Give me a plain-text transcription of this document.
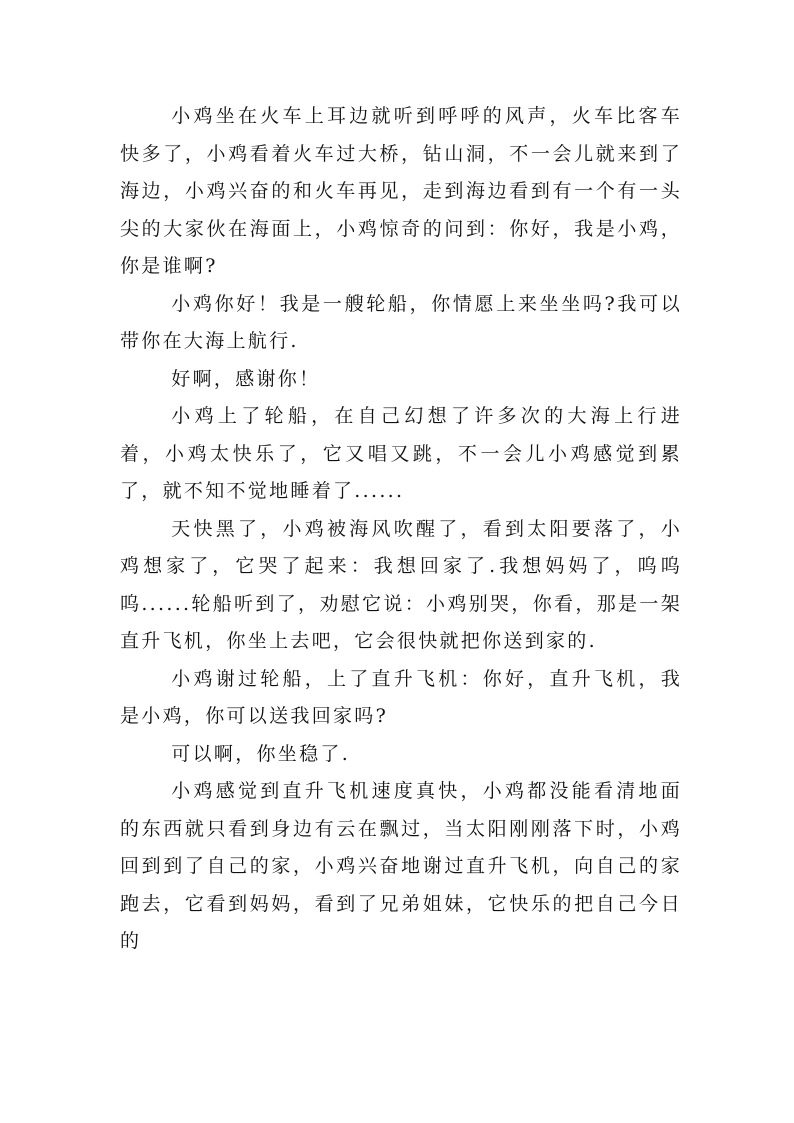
小鸡坐在火车上耳边就听到呼呼的风声，火车比客车快多了，小鸡看着火车过大桥，钻山洞，不一会儿就来到了海边，小鸡兴奋的和火车再见，走到海边看到有一个有一头尖的大家伙在海面上，小鸡惊奇的问到：你好，我是小鸡，你是谁啊?

小鸡你好！我是一艘轮船，你情愿上来坐坐吗?我可以带你在大海上航行.

好啊，感谢你！

小鸡上了轮船，在自己幻想了许多次的大海上行进着，小鸡太快乐了，它又唱又跳，不一会儿小鸡感觉到累了，就不知不觉地睡着了......

天快黑了，小鸡被海风吹醒了，看到太阳要落了，小鸡想家了，它哭了起来：我想回家了.我想妈妈了，呜呜呜......轮船听到了，劝慰它说：小鸡别哭，你看，那是一架直升飞机，你坐上去吧，它会很快就把你送到家的.

小鸡谢过轮船，上了直升飞机：你好，直升飞机，我是小鸡，你可以送我回家吗?

可以啊，你坐稳了.

小鸡感觉到直升飞机速度真快，小鸡都没能看清地面的东西就只看到身边有云在飘过，当太阳刚刚落下时，小鸡回到到了自己的家，小鸡兴奋地谢过直升飞机，向自己的家跑去，它看到妈妈，看到了兄弟姐妹，它快乐的把自己今日的
